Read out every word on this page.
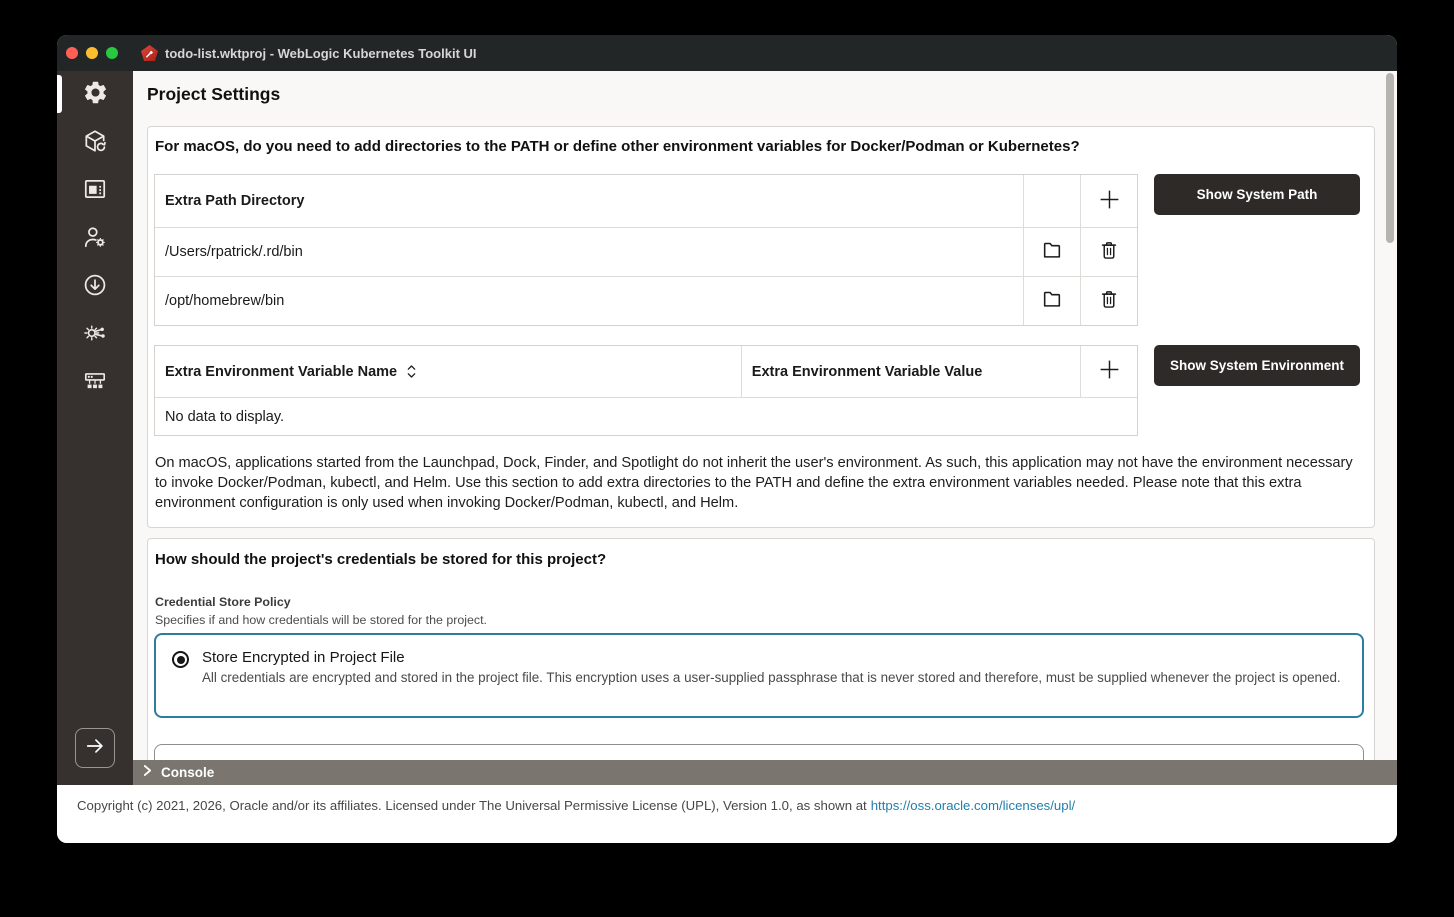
todo-list.wktproj - WebLogic Kubernetes Toolkit UI
Project Settings
For macOS, do you need to add directories to the PATH or define other environment variables for Docker/Podman or Kubernetes?
Extra Path Directory
/Users/rpatrick/.rd/bin
/opt/homebrew/bin
Show System Path
Extra Environment Variable Name	Extra Environment Variable Value
No data to display.
Show System Environment

On macOS, applications started from the Launchpad, Dock, Finder, and Spotlight do not inherit the user's environment. As such, this application may not have the environment necessary to invoke Docker/Podman, kubectl, and Helm. Use this section to add extra directories to the PATH and define the extra environment variables needed. Please note that this extra environment configuration is only used when invoking Docker/Podman, kubectl, and Helm.

How should the project's credentials be stored for this project?
Credential Store Policy
Specifies if and how credentials will be stored for the project.
Store Encrypted in Project File
All credentials are encrypted and stored in the project file. This encryption uses a user-supplied passphrase that is never stored and therefore, must be supplied whenever the project is opened.
Console
Copyright (c) 2021, 2026, Oracle and/or its affiliates. Licensed under The Universal Permissive License (UPL), Version 1.0, as shown at https://oss.oracle.com/licenses/upl/
